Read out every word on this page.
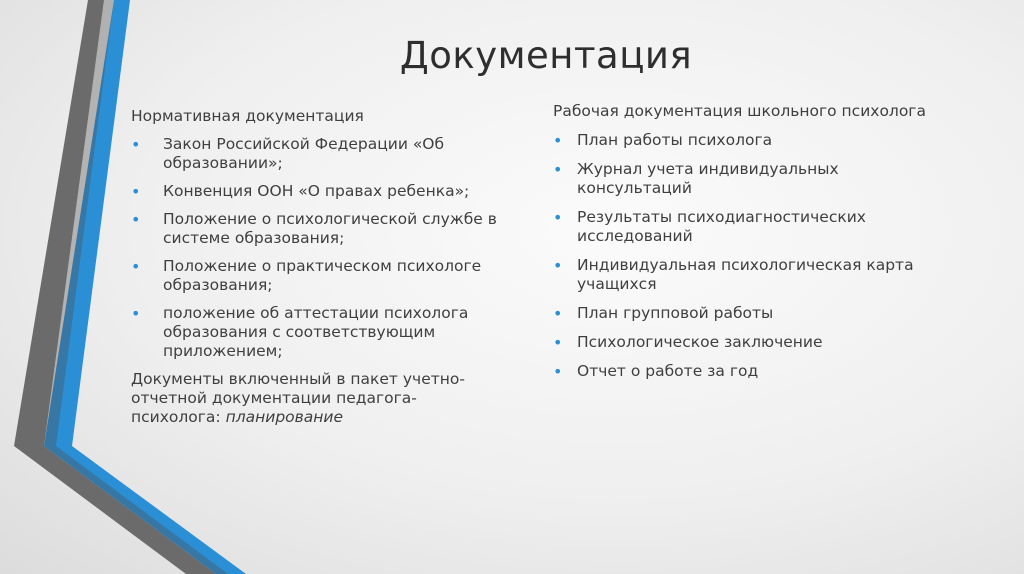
Документация
Нормативная документация
• Закон Российской Федерации «Об образовании»;
• Конвенция ООН «О правах ребенка»;
• Положение о психологической службе в системе образования;
• Положение о практическом психологе образования;
• положение об аттестации психолога образования с соответствующим приложением;
Документы включенный в пакет учетно-отчетной документации педагога-психолога: планирование
Рабочая документация школьного психолога
• План работы психолога
• Журнал учета индивидуальных консультаций
• Результаты психодиагностических исследований
• Индивидуальная психологическая карта учащихся
• План групповой работы
• Психологическое заключение
• Отчет о работе за год
